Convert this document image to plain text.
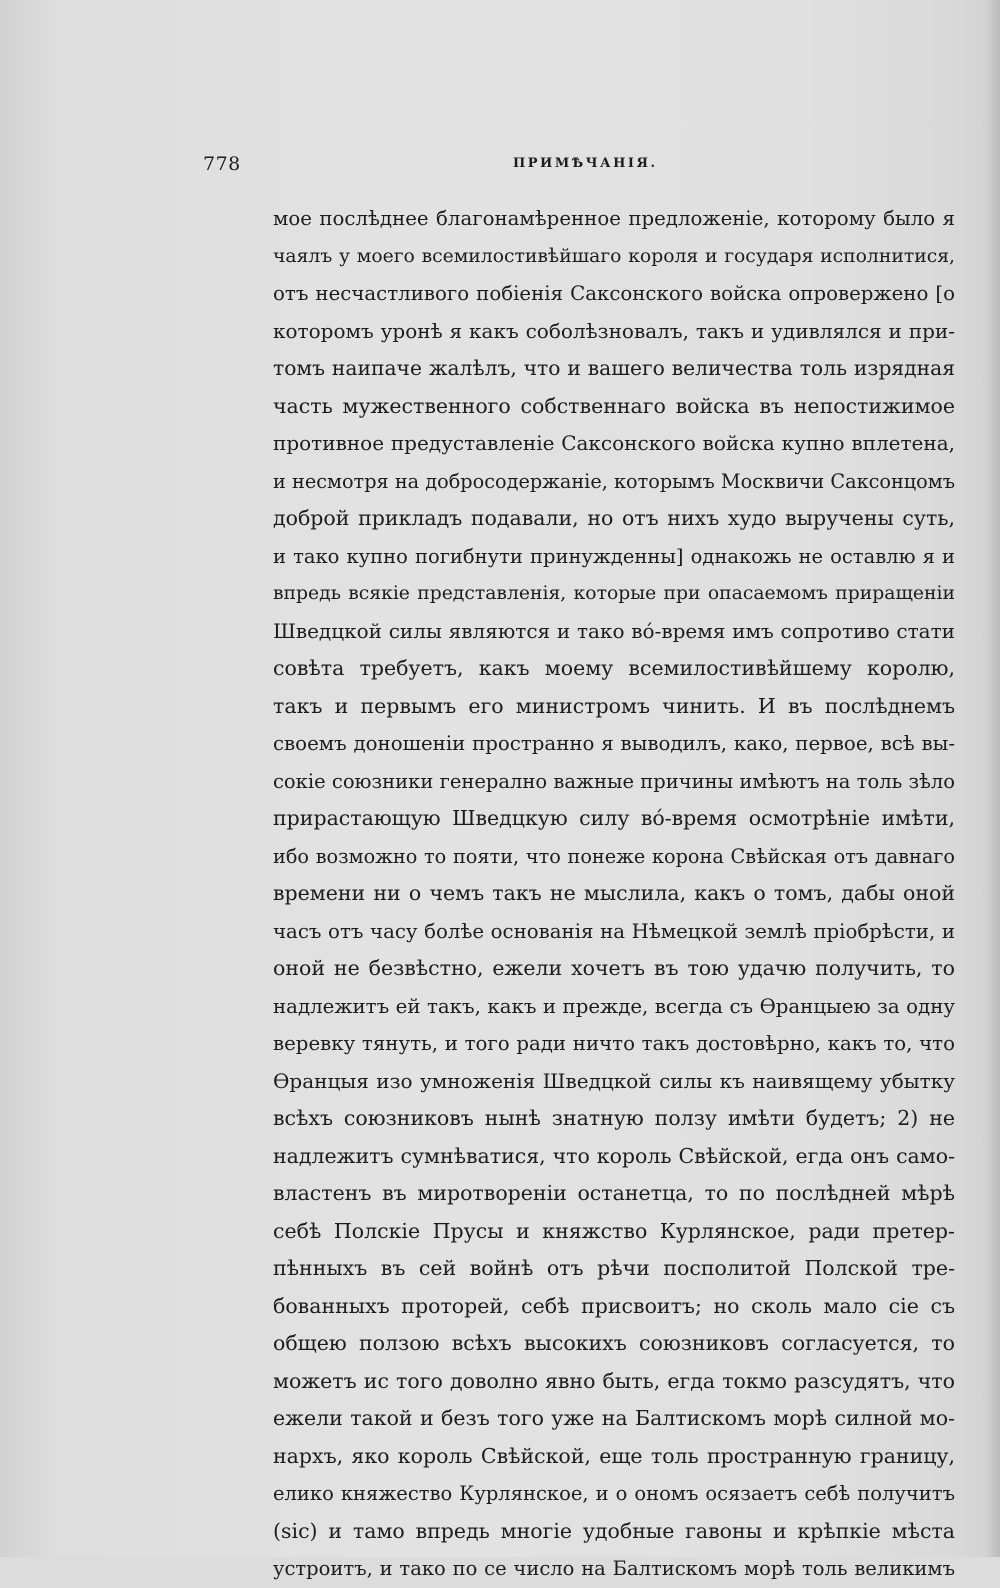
778	ПРИМѢЧАНІЯ.
мое послѣднее благонамѣренное предложеніе, которому было я
чаялъ у моего всемилостивѣйшаго короля и государя исполнитися,
отъ несчастливого побіенія Саксонского войска опровержено [о
которомъ уронѣ я какъ соболѣзновалъ, такъ и удивлялся и при-
томъ наипаче жалѣлъ, что и вашего величества толь изрядная
часть мужественного собственнаго войска въ непостижимое
противное предуставленіе Саксонского войска купно вплетена,
и несмотря на добросодержаніе, которымъ Москвичи Саксонцомъ
доброй прикладъ подавали, но отъ нихъ худо выручены суть,
и тако купно погибнути принужденны] однакожь не оставлю я и
впредь всякіе представленія, которые при опасаемомъ приращеніи
Шведцкой силы являются и тако во́-время имъ сопротиво стати
совѣта требуетъ, какъ моему всемилостивѣйшему королю,
такъ и первымъ его министромъ чинить. И въ послѣднемъ
своемъ доношеніи пространно я выводилъ, како, первое, всѣ вы-
сокіе союзники генерално важные причины имѣютъ на толь зѣло
прирастающую Шведцкую силу во́-время осмотрѣніе имѣти,
ибо возможно то пояти, что понеже корона Свѣйская отъ давнаго
времени ни о чемъ такъ не мыслила, какъ о томъ, дабы оной
часъ отъ часу болѣе основанія на Нѣмецкой землѣ пріобрѣсти, и
оной не безвѣстно, ежели хочетъ въ тою удачю получить, то
надлежитъ ей такъ, какъ и прежде, всегда съ Ѳранцыею за одну
веревку тянуть, и того ради ничто такъ достовѣрно, какъ то, что
Ѳранцыя изо умноженія Шведцкой силы къ наивящему убытку
всѣхъ союзниковъ нынѣ знатную ползу имѣти будетъ; 2) не
надлежитъ сумнѣватися, что король Свѣйской, егда онъ само-
властенъ въ миротвореніи останетца, то по послѣдней мѣрѣ
себѣ Полскіе Прусы и княжство Курлянское, ради претер-
пѣнныхъ въ сей войнѣ отъ рѣчи посполитой Полской тре-
бованныхъ проторей, себѣ присвоитъ; но сколь мало сіе съ
общею ползою всѣхъ высокихъ союзниковъ согласуется, то
можетъ ис того доволно явно быть, егда токмо разсудятъ, что
ежели такой и безъ того уже на Балтискомъ морѣ силной мо-
нархъ, яко король Свѣйской, еще толь пространную границу,
елико княжество Курлянское, и о ономъ осязаетъ себѣ получитъ
(sic) и тамо впредь многіе удобные гавоны и крѣпкіе мѣста
устроитъ, и тако по се число на Балтискомъ морѣ толь великимъ
